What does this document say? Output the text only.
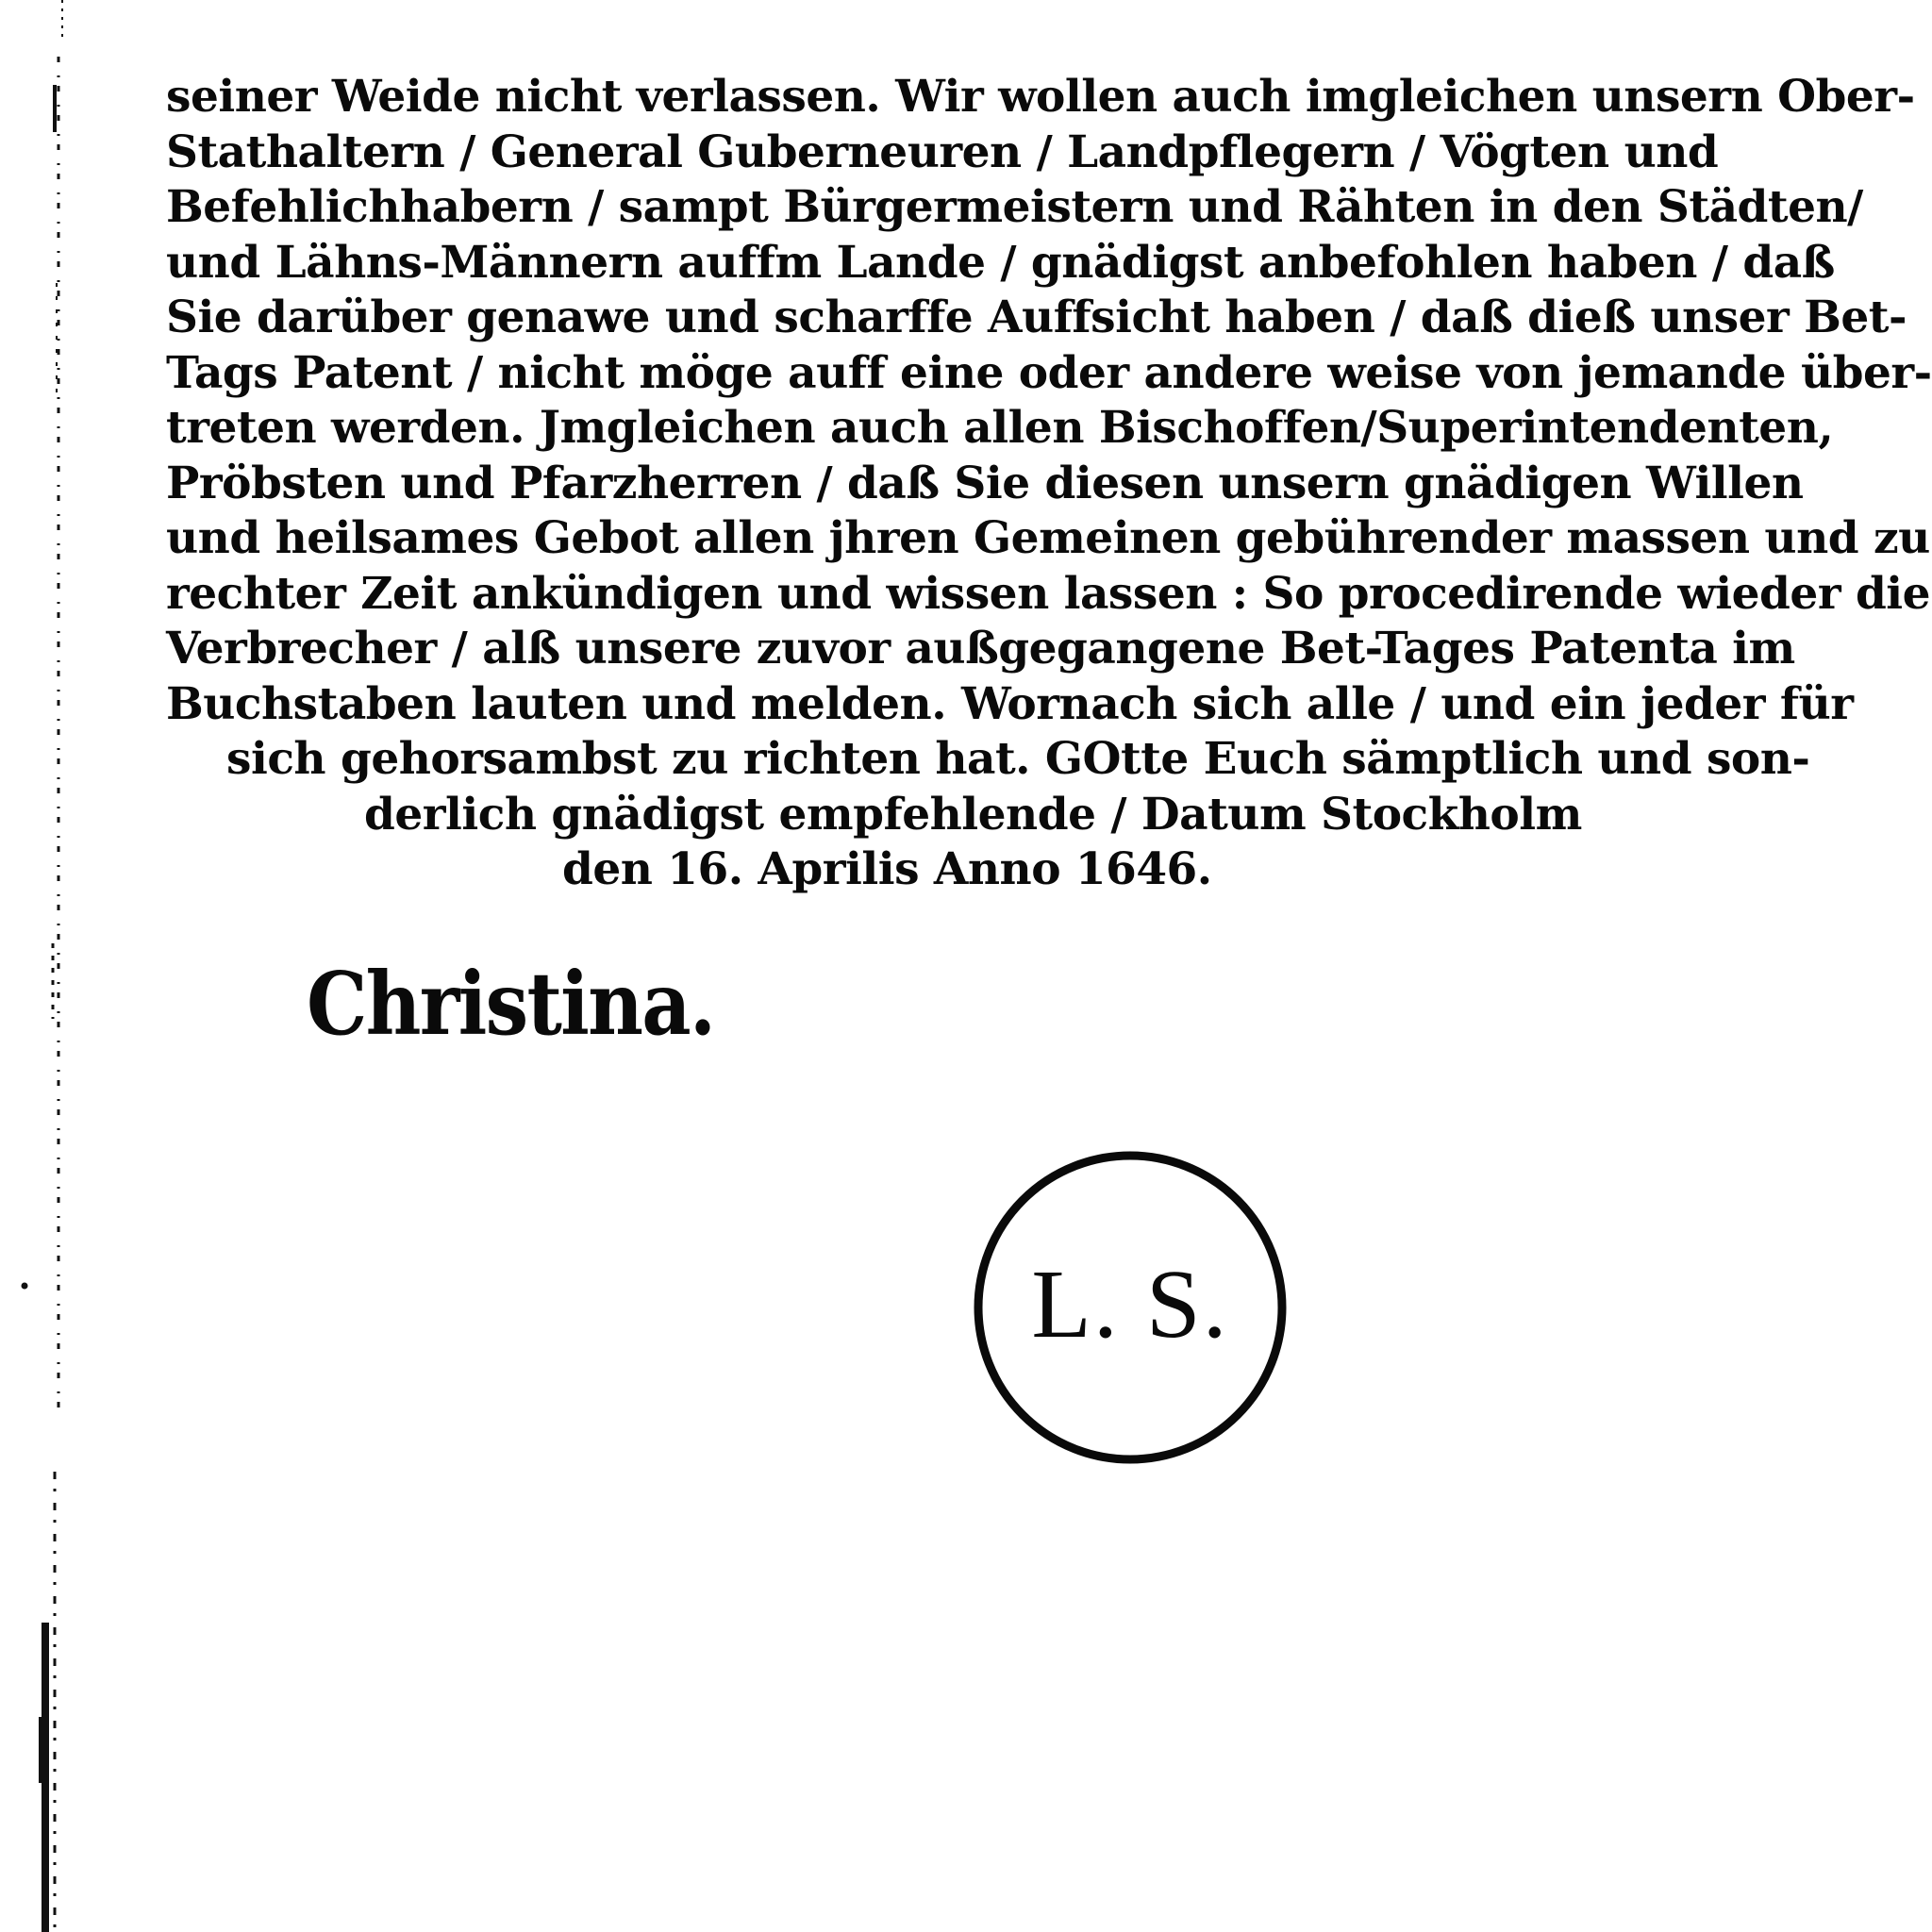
seiner Weide nicht verlassen. Wir wollen auch imgleichen unsern Ober-
Stathaltern / General Guberneuren / Landpflegern / Vögten und
Befehlichhabern / sampt Bürgermeistern und Rähten in den Städten/
und Lähns-Männern auffm Lande / gnädigst anbefohlen haben / daß
Sie darüber genawe und scharffe Auffsicht haben / daß dieß unser Bet-
Tags Patent / nicht möge auff eine oder andere weise von jemande über-
treten werden. Jmgleichen auch allen Bischoffen/Superintendenten,
Pröbsten und Pfarzherren / daß Sie diesen unsern gnädigen Willen
und heilsames Gebot allen jhren Gemeinen gebührender massen und zu
rechter Zeit ankündigen und wissen lassen : So procedirende wieder die
Verbrecher / alß unsere zuvor außgegangene Bet-Tages Patenta im
Buchstaben lauten und melden. Wornach sich alle / und ein jeder für
sich gehorsambst zu richten hat. GOtte Euch sämptlich und son-
derlich gnädigst empfehlende / Datum Stockholm
den 16. Aprilis Anno 1646.
Christina.
L. S.
